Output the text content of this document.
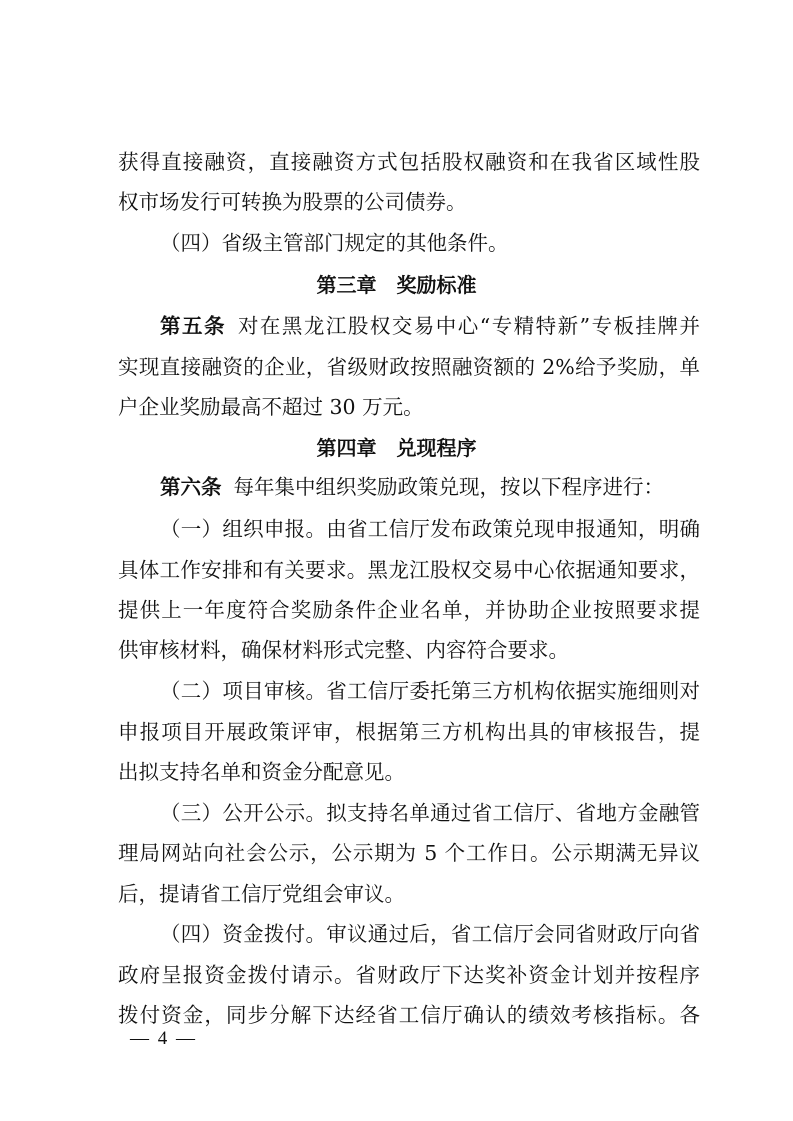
获得直接融资，直接融资方式包括股权融资和在我省区域性股
权市场发行可转换为股票的公司债券。
（四）省级主管部门规定的其他条件。
第三章　奖励标准
第五条 对在黑龙江股权交易中心“专精特新”专板挂牌并
实现直接融资的企业，省级财政按照融资额的 2%给予奖励，单
户企业奖励最高不超过 30 万元。
第四章　兑现程序
第六条 每年集中组织奖励政策兑现，按以下程序进行：
（一）组织申报。由省工信厅发布政策兑现申报通知，明确
具体工作安排和有关要求。黑龙江股权交易中心依据通知要求，
提供上一年度符合奖励条件企业名单，并协助企业按照要求提
供审核材料，确保材料形式完整、内容符合要求。
（二）项目审核。省工信厅委托第三方机构依据实施细则对
申报项目开展政策评审，根据第三方机构出具的审核报告，提
出拟支持名单和资金分配意见。
（三）公开公示。拟支持名单通过省工信厅、省地方金融管
理局网站向社会公示，公示期为 5 个工作日。公示期满无异议
后，提请省工信厅党组会审议。
（四）资金拨付。审议通过后，省工信厅会同省财政厅向省
政府呈报资金拨付请示。省财政厅下达奖补资金计划并按程序
拨付资金，同步分解下达经省工信厅确认的绩效考核指标。各
— 4 —
